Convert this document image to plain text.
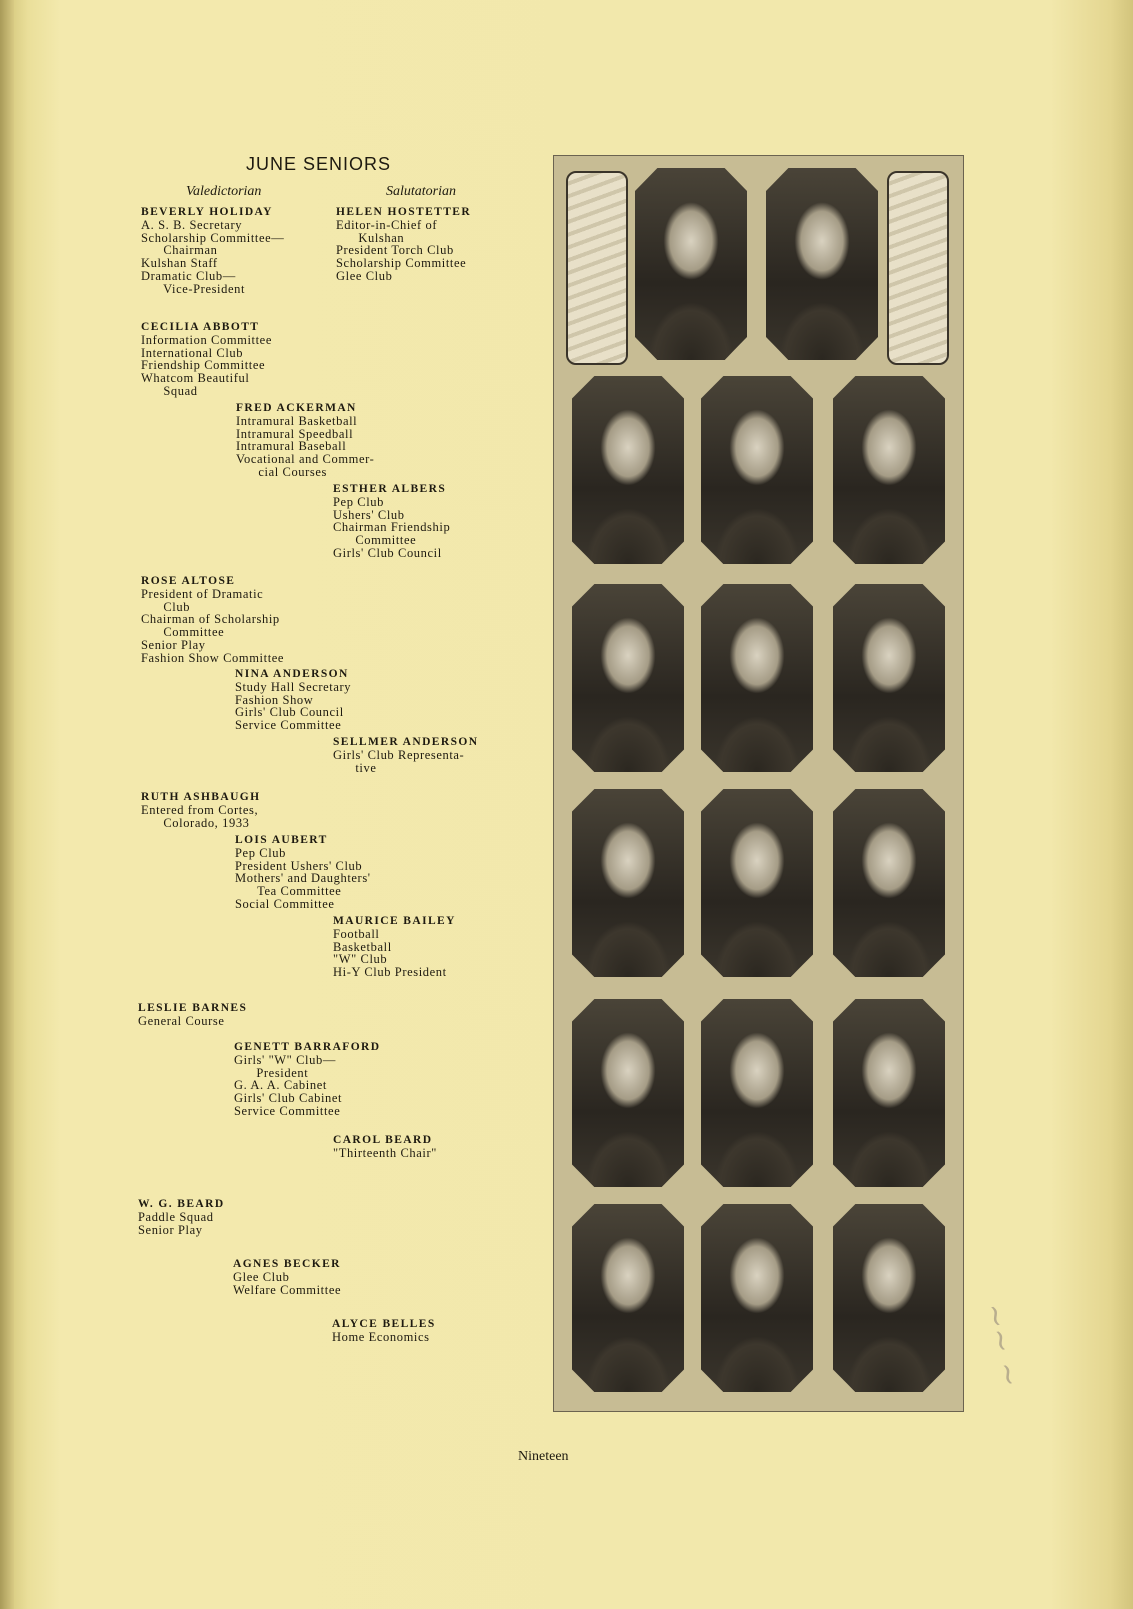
JUNE SENIORS
Valedictorian	Salutatorian
BEVERLY HOLIDAY
A. S. B. Secretary
Scholarship Committee—
Chairman
Kulshan Staff
Dramatic Club—
Vice-President
HELEN HOSTETTER
Editor-in-Chief of
Kulshan
President Torch Club
Scholarship Committee
Glee Club
CECILIA ABBOTT
Information Committee
International Club
Friendship Committee
Whatcom Beautiful
Squad
FRED ACKERMAN
Intramural Basketball
Intramural Speedball
Intramural Baseball
Vocational and Commer-
cial Courses
ESTHER ALBERS
Pep Club
Ushers' Club
Chairman Friendship
Committee
Girls' Club Council
ROSE ALTOSE
President of Dramatic
Club
Chairman of Scholarship
Committee
Senior Play
Fashion Show Committee
NINA ANDERSON
Study Hall Secretary
Fashion Show
Girls' Club Council
Service Committee
SELLMER ANDERSON
Girls' Club Representa-
tive
RUTH ASHBAUGH
Entered from Cortes,
Colorado, 1933
LOIS AUBERT
Pep Club
President Ushers' Club
Mothers' and Daughters'
Tea Committee
Social Committee
MAURICE BAILEY
Football
Basketball
"W" Club
Hi-Y Club President
LESLIE BARNES
General Course
GENETT BARRAFORD
Girls' "W" Club—
President
G. A. A. Cabinet
Girls' Club Cabinet
Service Committee
CAROL BEARD
"Thirteenth Chair"
W. G. BEARD
Paddle Squad
Senior Play
AGNES BECKER
Glee Club
Welfare Committee
ALYCE BELLES
Home Economics	~~ ~
Nineteen
